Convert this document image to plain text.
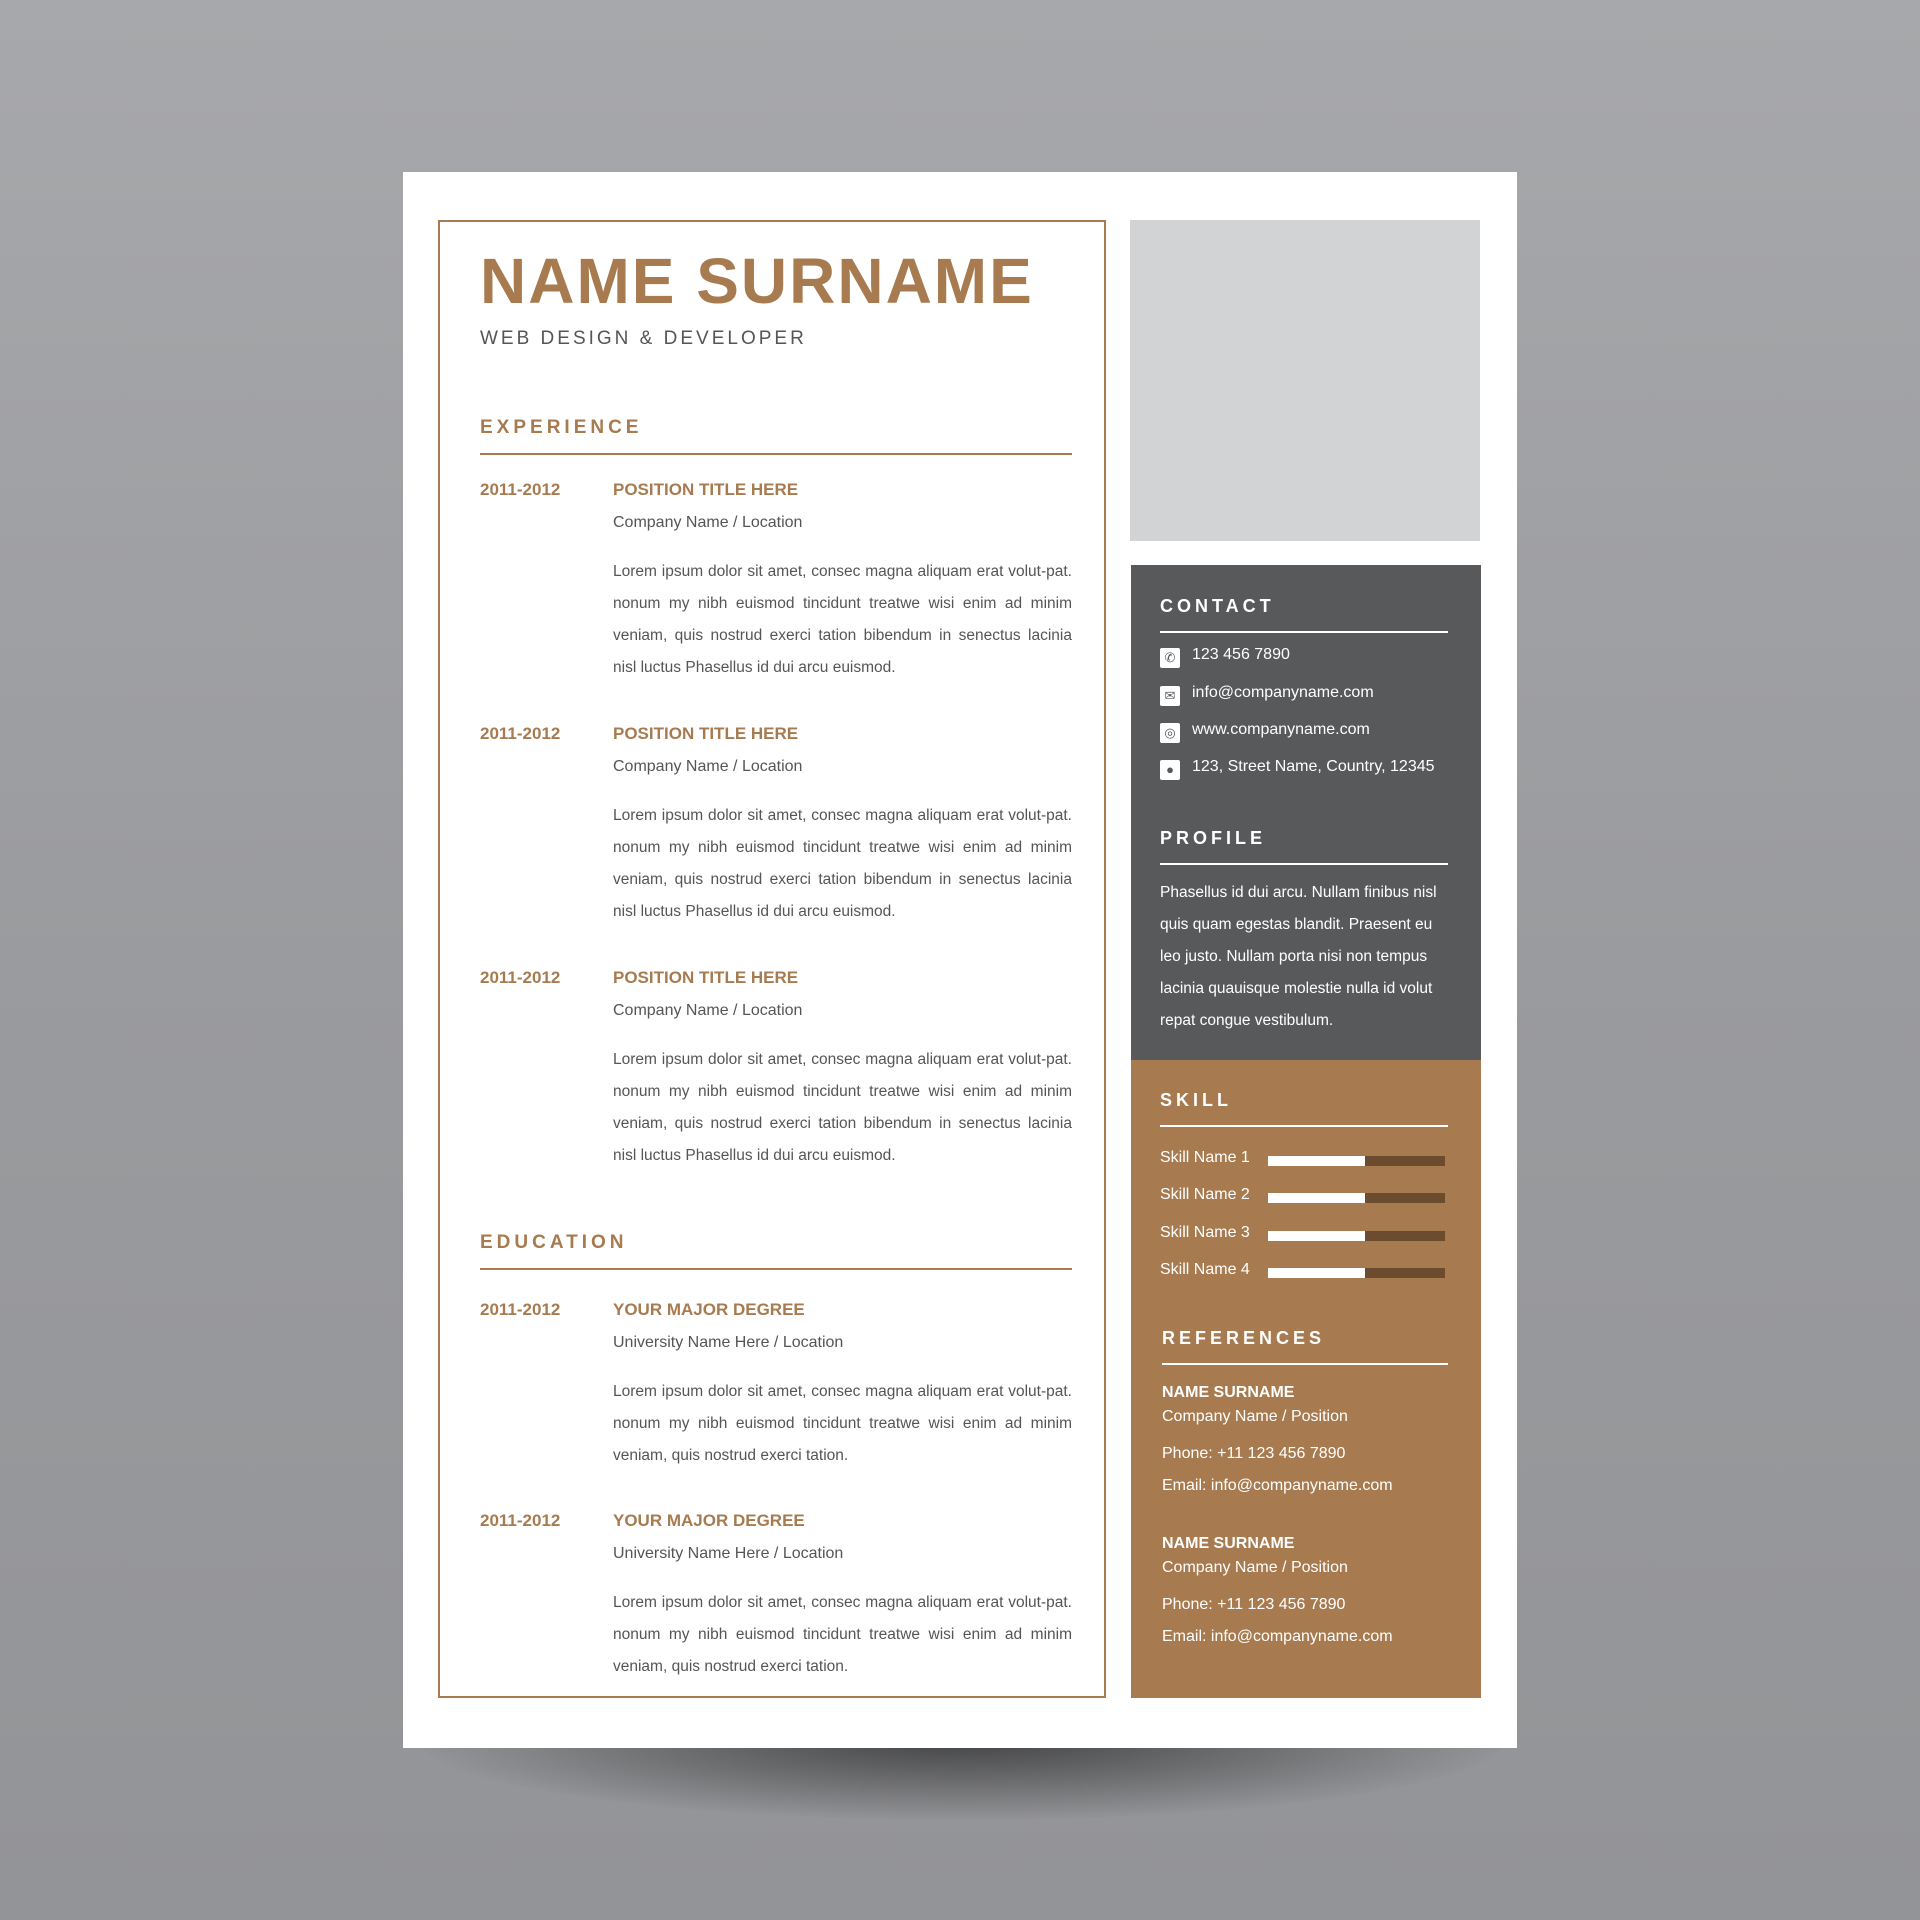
NAME SURNAME
WEB DESIGN & DEVELOPER
EXPERIENCE
2011-2012	POSITION TITLE HERE
Company Name / Location

Lorem ipsum dolor sit amet, consec magna aliquam erat volut-pat. nonum my nibh euismod tincidunt treatwe wisi enim ad minim veniam, quis nostrud exerci tation bibendum in senectus lacinia nisl luctus Phasellus id dui arcu euismod.

2011-2012	POSITION TITLE HERE
Company Name / Location

Lorem ipsum dolor sit amet, consec magna aliquam erat volut-pat. nonum my nibh euismod tincidunt treatwe wisi enim ad minim veniam, quis nostrud exerci tation bibendum in senectus lacinia nisl luctus Phasellus id dui arcu euismod.

2011-2012	POSITION TITLE HERE
Company Name / Location

Lorem ipsum dolor sit amet, consec magna aliquam erat volut-pat. nonum my nibh euismod tincidunt treatwe wisi enim ad minim veniam, quis nostrud exerci tation bibendum in senectus lacinia nisl luctus Phasellus id dui arcu euismod.

EDUCATION
2011-2012	YOUR MAJOR DEGREE
University Name Here / Location

Lorem ipsum dolor sit amet, consec magna aliquam erat volut-pat. nonum my nibh euismod tincidunt treatwe wisi enim ad minim veniam, quis nostrud exerci tation.

2011-2012	YOUR MAJOR DEGREE
University Name Here / Location

Lorem ipsum dolor sit amet, consec magna aliquam erat volut-pat. nonum my nibh euismod tincidunt treatwe wisi enim ad minim veniam, quis nostrud exerci tation.

CONTACT
✆ 123 456 7890
✉ info@companyname.com
◎ www.companyname.com
●	123, Street Name, Country, 12345
PROFILE

Phasellus id dui arcu. Nullam finibus nisl quis quam egestas blandit. Praesent eu leo justo. Nullam porta nisi non tempus lacinia quauisque molestie nulla id volut repat congue vestibulum.

SKILL
Skill Name 1
Skill Name 2
Skill Name 3
Skill Name 4
REFERENCES
NAME SURNAME
Company Name / Position
Phone: +11 123 456 7890
Email: info@companyname.com
NAME SURNAME
Company Name / Position
Phone: +11 123 456 7890
Email: info@companyname.com
